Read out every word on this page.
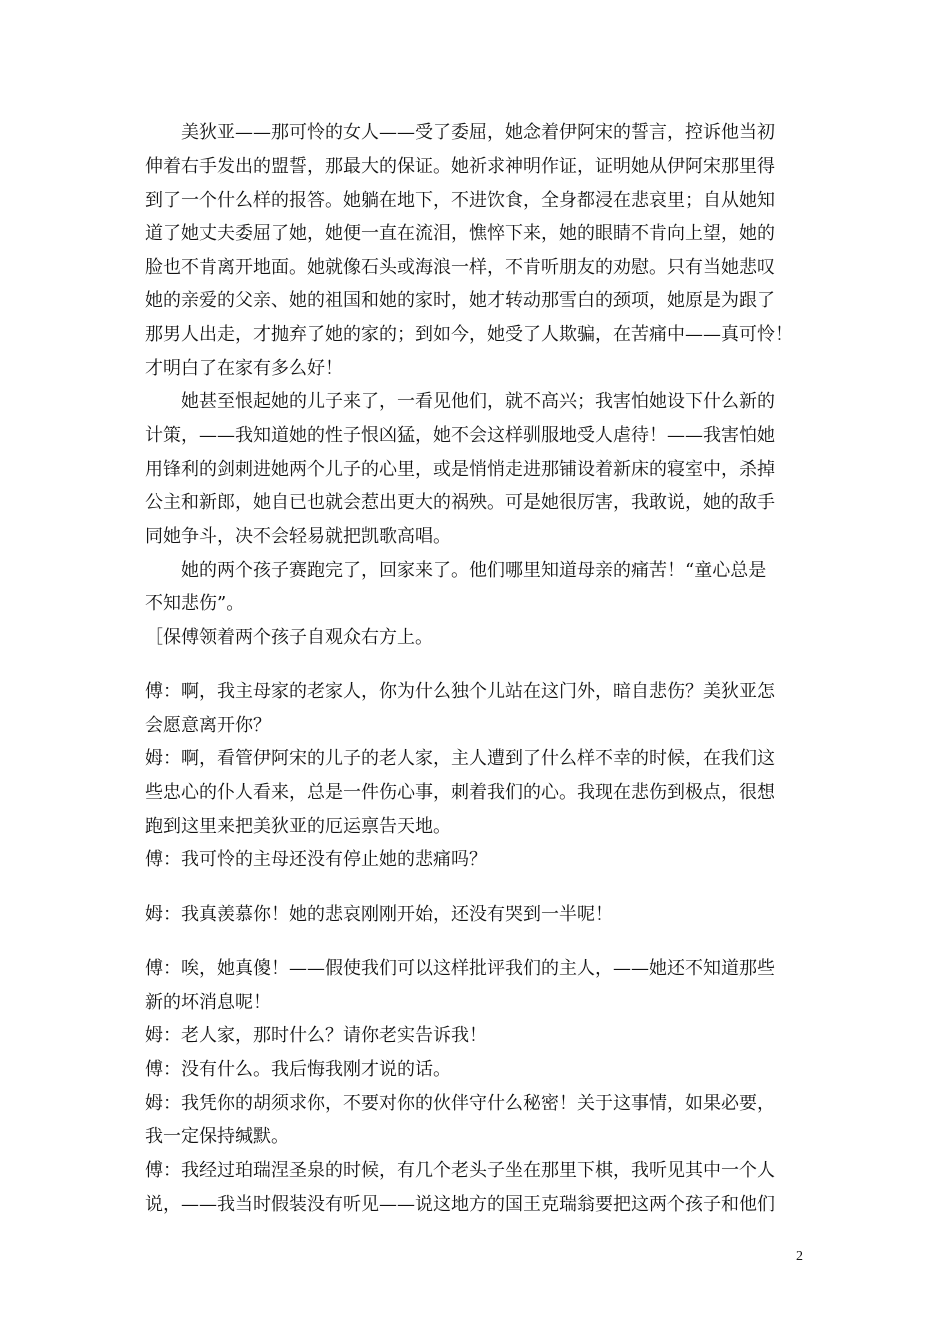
　　美狄亚——那可怜的女人——受了委屈，她念着伊阿宋的誓言，控诉他当初
伸着右手发出的盟誓，那最大的保证。她祈求神明作证，证明她从伊阿宋那里得
到了一个什么样的报答。她躺在地下，不进饮食，全身都浸在悲哀里；自从她知
道了她丈夫委屈了她，她便一直在流泪，憔悴下来，她的眼睛不肯向上望，她的
脸也不肯离开地面。她就像石头或海浪一样，不肯听朋友的劝慰。只有当她悲叹
她的亲爱的父亲、她的祖国和她的家时，她才转动那雪白的颈项，她原是为跟了
那男人出走，才抛弃了她的家的；到如今，她受了人欺骗，在苦痛中——真可怜！
才明白了在家有多么好！
　　她甚至恨起她的儿子来了，一看见他们，就不高兴；我害怕她设下什么新的
计策，——我知道她的性子恨凶猛，她不会这样驯服地受人虐待！——我害怕她
用锋利的剑刺进她两个儿子的心里，或是悄悄走进那铺设着新床的寝室中，杀掉
公主和新郎，她自已也就会惹出更大的祸殃。可是她很厉害，我敢说，她的敌手
同她争斗，决不会轻易就把凯歌高唱。
　　她的两个孩子赛跑完了，回家来了。他们哪里知道母亲的痛苦！“童心总是
不知悲伤”。
［保傅领着两个孩子自观众右方上。
傅：啊，我主母家的老家人，你为什么独个儿站在这门外，暗自悲伤？美狄亚怎
会愿意离开你？
姆：啊，看管伊阿宋的儿子的老人家，主人遭到了什么样不幸的时候，在我们这
些忠心的仆人看来，总是一件伤心事，刺着我们的心。我现在悲伤到极点，很想
跑到这里来把美狄亚的厄运禀告天地。
傅：我可怜的主母还没有停止她的悲痛吗？
姆：我真羡慕你！她的悲哀刚刚开始，还没有哭到一半呢！
傅：唉，她真傻！——假使我们可以这样批评我们的主人，——她还不知道那些
新的坏消息呢！
姆：老人家，那时什么？请你老实告诉我！
傅：没有什么。我后悔我刚才说的话。
姆：我凭你的胡须求你，不要对你的伙伴守什么秘密！关于这事情，如果必要，
我一定保持缄默。
傅：我经过珀瑞涅圣泉的时候，有几个老头子坐在那里下棋，我听见其中一个人
说，——我当时假装没有听见——说这地方的国王克瑞翁要把这两个孩子和他们
2
